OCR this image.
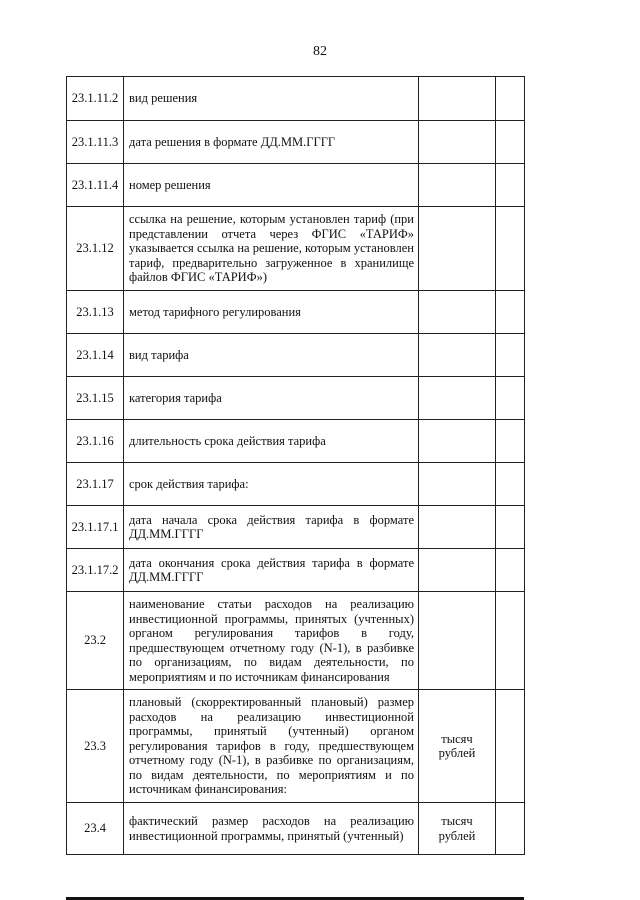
82
23.1.11.2	вид решения		
23.1.11.3	дата решения в формате ДД.ММ.ГГГГ		
23.1.11.4	номер решения		
23.1.12	ссылка на решение, которым установлен тариф (при представлении отчета через ФГИС «ТАРИФ» указывается ссылка на решение, которым установлен тариф, предварительно загруженное в хранилище файлов ФГИС «ТАРИФ»)		
23.1.13	метод тарифного регулирования		
23.1.14	вид тарифа		
23.1.15	категория тарифа		
23.1.16	длительность срока действия тарифа		
23.1.17	срок действия тарифа:		
23.1.17.1	дата начала срока действия тарифа в формате ДД.ММ.ГГГГ		
23.1.17.2	дата окончания срока действия тарифа в формате ДД.ММ.ГГГГ		
23.2	наименование статьи расходов на реализацию инвестиционной программы, принятых (учтенных) органом регулирования тарифов в году, предшествующем отчетному году (N-1), в разбивке по организациям, по видам деятельности, по мероприятиям и по источникам финансирования		
23.3	плановый (скорректированный плановый) размер расходов на реализацию инвестиционной программы, принятый (учтенный) органом регулирования тарифов в году, предшествующем отчетному году (N-1), в разбивке по организациям, по видам деятельности, по мероприятиям и по источникам финансирования:	тысяч рублей	
23.4	фактический размер расходов на реализацию инвестиционной программы, принятый (учтенный)	тысяч рублей	
